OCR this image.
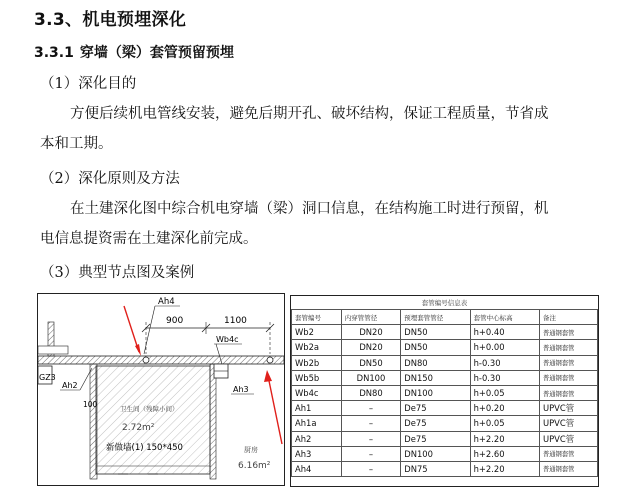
3.3、机电预埋深化
3.3.1 穿墙（梁）套管预留预埋
（1）深化目的
方便后续机电管线安装，避免后期开孔、破坏结构，保证工程质量，节省成
本和工期。
（2）深化原则及方法
在土建深化图中综合机电穿墙（梁）洞口信息，在结构施工时进行预留，机
电信息提资需在土建深化前完成。
（3）典型节点图及案例
900	1100
Ah4
Wb4c
Ah3
GZ3
Ah2
100	卫生间（残障小间）
2.72m²
新做墙(1) 150*450	厨房
6.16m²
套管编号信息表				
套管编号	内穿管管径	预埋套管管径	套管中心标高	备注
Wb2	DN20	DN50	h+0.40	普通钢套管
Wb2a	DN20	DN50	h+0.00	普通钢套管
Wb2b	DN50	DN80	h-0.30	普通钢套管
Wb5b	DN100	DN150	h-0.30	普通钢套管
Wb4c	DN80	DN100	h+0.05	普通钢套管
Ah1	–	De75	h+0.20	UPVC管
Ah1a	–	De75	h+0.05	UPVC管
Ah2	–	De75	h+2.20	UPVC管
Ah3	–	DN100	h+2.60	普通钢套管
Ah4	–	DN75	h+2.20	普通钢套管
